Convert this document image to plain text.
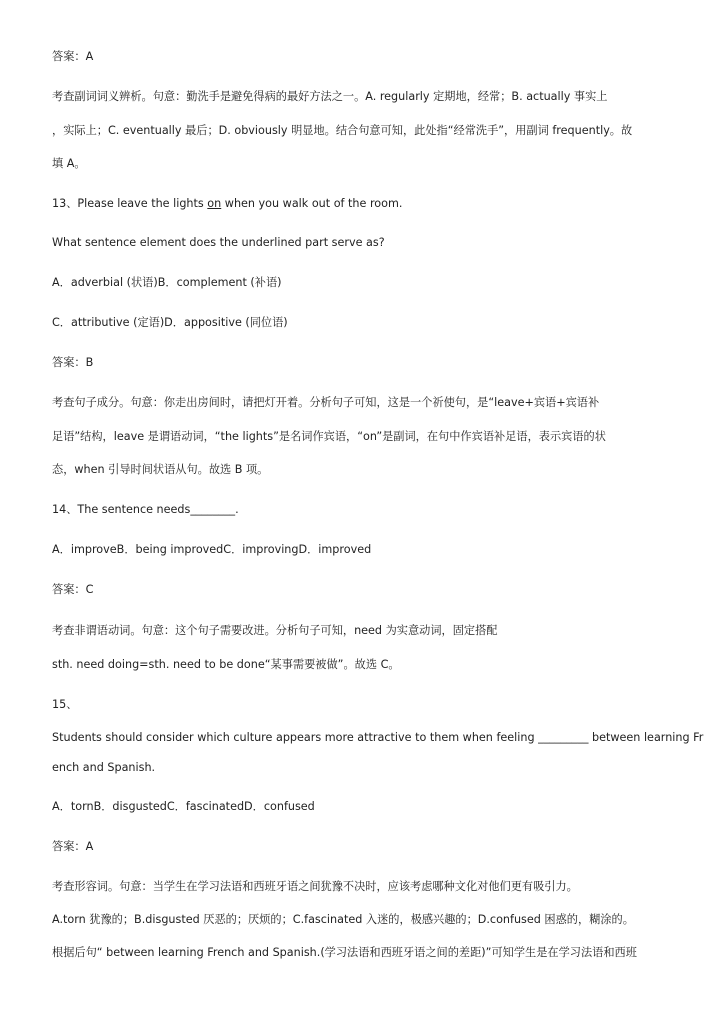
答案：A
考查副词词义辨析。句意：勤洗手是避免得病的最好方法之一。A. regularly 定期地，经常；B. actually 事实上
，实际上；C. eventually 最后；D. obviously 明显地。结合句意可知，此处指“经常洗手”，用副词 frequently。故
填 A。
13、Please leave the lights on when you walk out of the room.
What sentence element does the underlined part serve as?
A．adverbial (状语)B．complement (补语)
C．attributive (定语)D．appositive (同位语)
答案：B
考查句子成分。句意：你走出房间时，请把灯开着。分析句子可知，这是一个祈使句，是“leave+宾语+宾语补
足语”结构，leave 是谓语动词，“the lights”是名词作宾语，“on”是副词，在句中作宾语补足语，表示宾语的状
态，when 引导时间状语从句。故选 B 项。
14、The sentence needs________.
A．improveB．being improvedC．improvingD．improved
答案：C
考查非谓语动词。句意：这个句子需要改进。分析句子可知，need 为实意动词，固定搭配
sth. need doing=sth. need to be done“某事需要被做”。故选 C。
15、
Students should consider which culture appears more attractive to them when feeling _________ between learning Fr
ench and Spanish.
A．tornB．disgustedC．fascinatedD．confused
答案：A
考查形容词。句意：当学生在学习法语和西班牙语之间犹豫不决时，应该考虑哪种文化对他们更有吸引力。
A.torn 犹豫的；B.disgusted 厌恶的；厌烦的；C.fascinated 入迷的，极感兴趣的；D.confused 困惑的，糊涂的。
根据后句“ between learning French and Spanish.(学习法语和西班牙语之间的差距)”可知学生是在学习法语和西班
